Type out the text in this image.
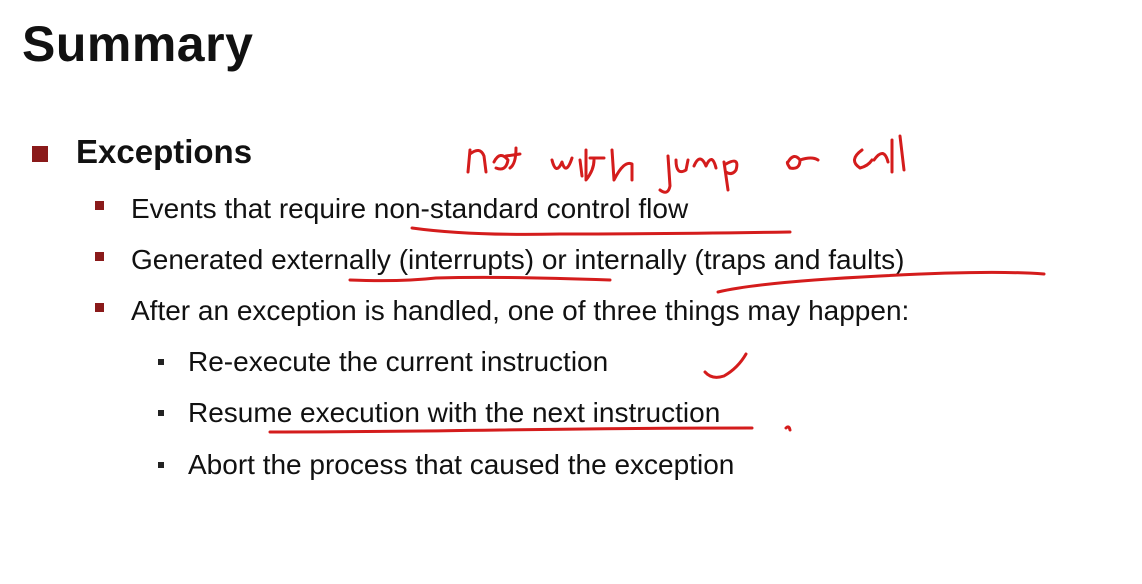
Summary
Exceptions
Events that require non-standard control flow
Generated externally (interrupts) or internally (traps and faults)
After an exception is handled, one of three things may happen:
Re-execute the current instruction
Resume execution with the next instruction
Abort the process that caused the exception
